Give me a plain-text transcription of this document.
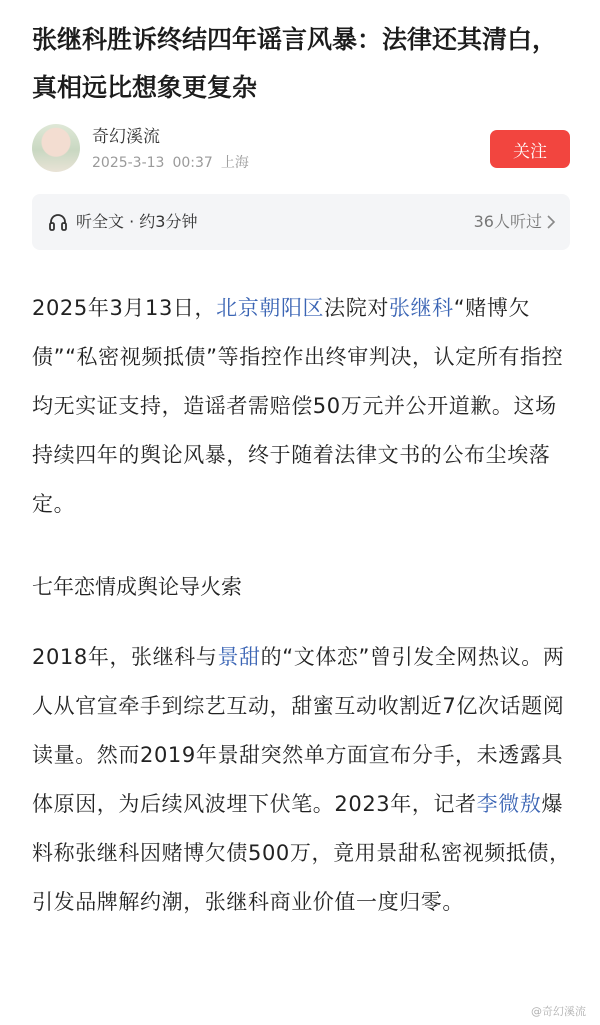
张继科胜诉终结四年谣言风暴：法律还其清白，真相远比想象更复杂
奇幻溪流
2025-3-13 00:37 上海
关注
听全文 · 约3分钟	36人听过

2025年3月13日，北京朝阳区法院对张继科“赌博欠债”“私密视频抵债”等指控作出终审判决，认定所有指控均无实证支持，造谣者需赔偿50万元并公开道歉。这场持续四年的舆论风暴，终于随着法律文书的公布尘埃落定。

七年恋情成舆论导火索

2018年，张继科与景甜的“文体恋”曾引发全网热议。两人从官宣牵手到综艺互动，甜蜜互动收割近7亿次话题阅读量。然而2019年景甜突然单方面宣布分手，未透露具体原因，为后续风波埋下伏笔。2023年，记者李微敖爆料称张继科因赌博欠债500万，竟用景甜私密视频抵债，引发品牌解约潮，张继科商业价值一度归零。

@奇幻溪流
